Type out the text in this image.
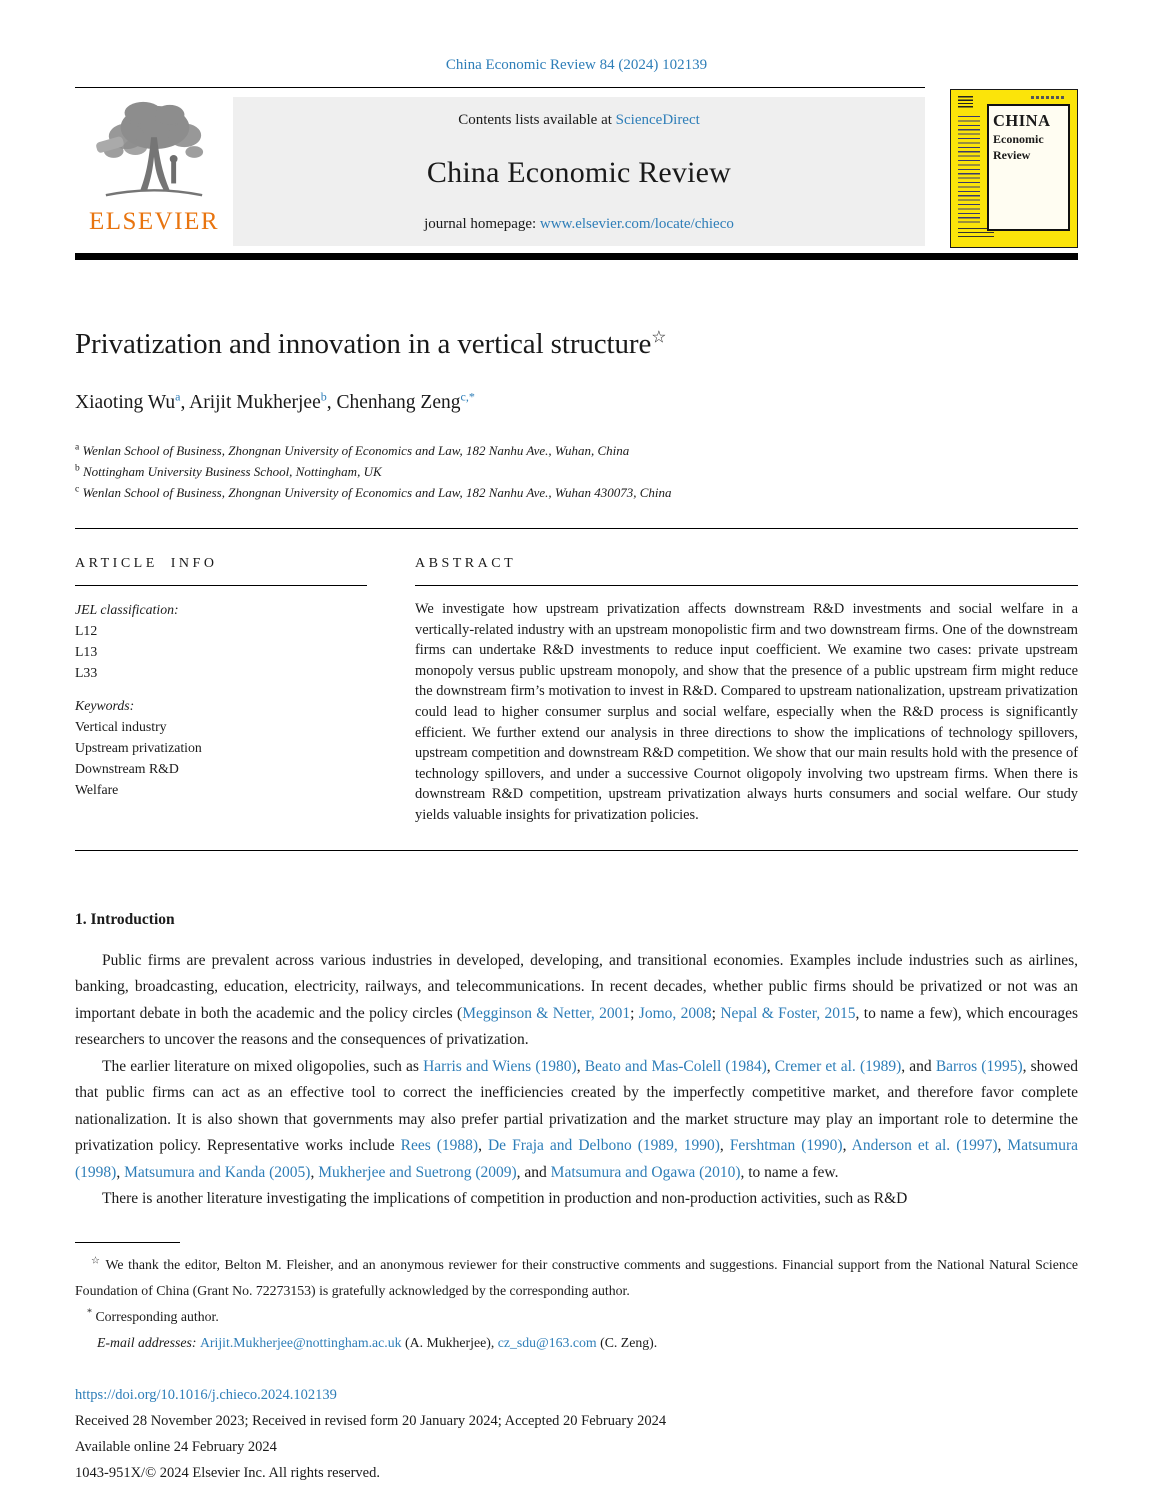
China Economic Review 84 (2024) 102139
ELSEVIER
Contents lists available at ScienceDirect
China Economic Review
journal homepage: www.elsevier.com/locate/chieco
CHINA
Economic
Review
Privatization and innovation in a vertical structure☆
Xiaoting Wu$^a$, Arijit Mukherjee$^b$, Chenhang Zeng$^{c,*}$
$^a$ Wenlan School of Business, Zhongnan University of Economics and Law, 182 Nanhu Ave., Wuhan, China
$^b$ Nottingham University Business School, Nottingham, UK
$^c$ Wenlan School of Business, Zhongnan University of Economics and Law, 182 Nanhu Ave., Wuhan 430073, China
ARTICLE INFO
JEL classification:
L12
L13
L33
Keywords:
Vertical industry
Upstream privatization
Downstream R&D
Welfare
ABSTRACT

We investigate how upstream privatization affects downstream R&D investments and social welfare in a vertically-related industry with an upstream monopolistic firm and two downstream firms. One of the downstream firms can undertake R&D investments to reduce input coefficient. We examine two cases: private upstream monopoly versus public upstream monopoly, and show that the presence of a public upstream firm might reduce the downstream firm’s motivation to invest in R&D. Compared to upstream nationalization, upstream privatization could lead to higher consumer surplus and social welfare, especially when the R&D process is significantly efficient. We further extend our analysis in three directions to show the implications of technology spillovers, upstream competition and downstream R&D competition. We show that our main results hold with the presence of technology spillovers, and under a successive Cournot oligopoly involving two upstream firms. When there is downstream R&D competition, upstream privatization always hurts consumers and social welfare. Our study yields valuable insights for privatization policies.

1. Introduction

Public firms are prevalent across various industries in developed, developing, and transitional economies. Examples include industries such as airlines, banking, broadcasting, education, electricity, railways, and telecommunications. In recent decades, whether public firms should be privatized or not was an important debate in both the academic and the policy circles (Megginson & Netter, 2001; Jomo, 2008; Nepal & Foster, 2015, to name a few), which encourages researchers to uncover the reasons and the consequences of privatization.

The earlier literature on mixed oligopolies, such as Harris and Wiens (1980), Beato and Mas-Colell (1984), Cremer et al. (1989), and Barros (1995), showed that public firms can act as an effective tool to correct the inefficiencies created by the imperfectly competitive market, and therefore favor complete nationalization. It is also shown that governments may also prefer partial privatization and the market structure may play an important role to determine the privatization policy. Representative works include Rees (1988), De Fraja and Delbono (1989, 1990), Fershtman (1990), Anderson et al. (1997), Matsumura (1998), Matsumura and Kanda (2005), Mukherjee and Suetrong (2009), and Matsumura and Ogawa (2010), to name a few.

There is another literature investigating the implications of competition in production and non-production activities, such as R&D

☆ We thank the editor, Belton M. Fleisher, and an anonymous reviewer for their constructive comments and suggestions. Financial support from the National Natural Science Foundation of China (Grant No. 72273153) is gratefully acknowledged by the corresponding author.

* Corresponding author.

E-mail addresses: Arijit.Mukherjee@nottingham.ac.uk (A. Mukherjee), cz_sdu@163.com (C. Zeng).

https://doi.org/10.1016/j.chieco.2024.102139
Received 28 November 2023; Received in revised form 20 January 2024; Accepted 20 February 2024
Available online 24 February 2024
1043-951X/© 2024 Elsevier Inc. All rights reserved.
